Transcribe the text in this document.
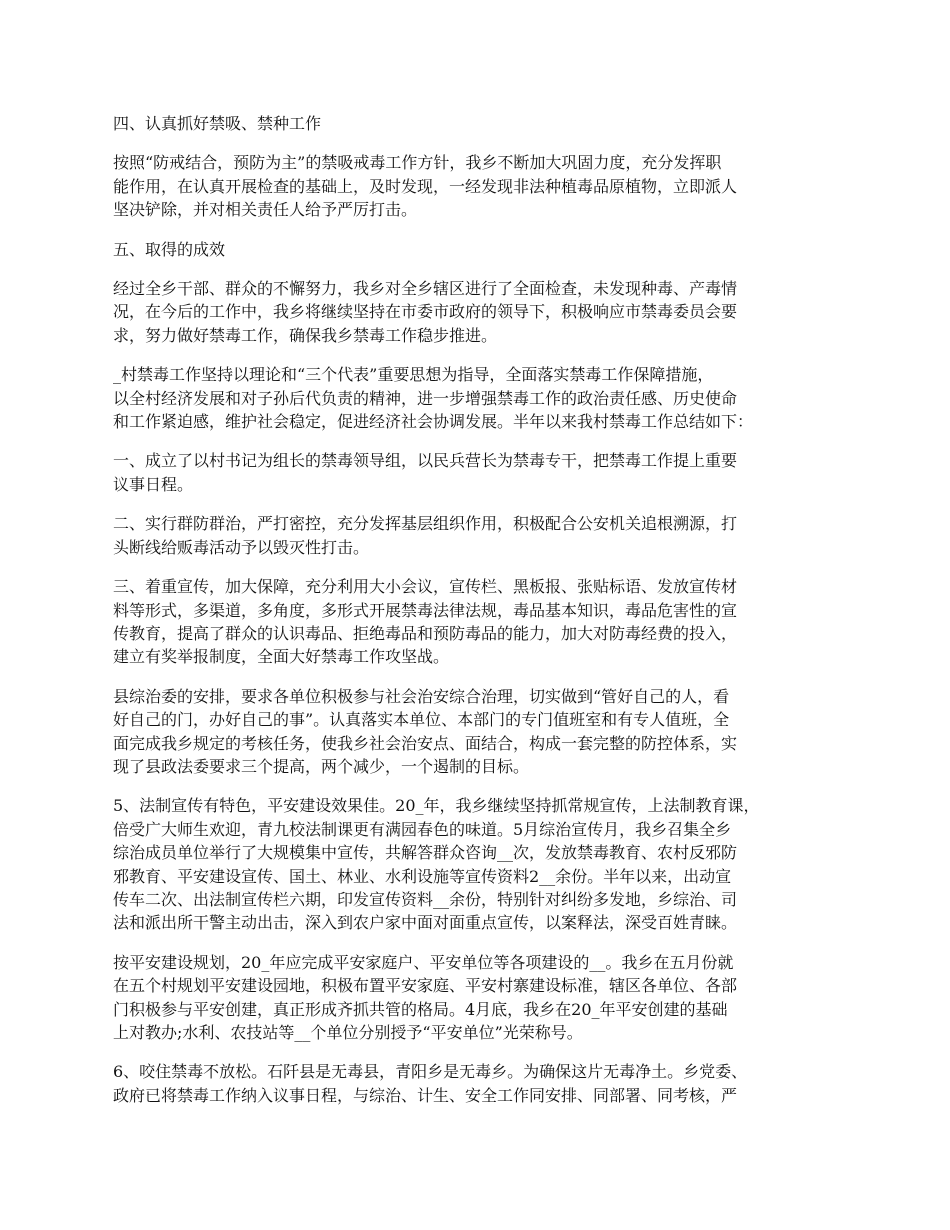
四、认真抓好禁吸、禁种工作

按照“防戒结合，预防为主”的禁吸戒毒工作方针，我乡不断加大巩固力度，充分发挥职
能作用，在认真开展检查的基础上，及时发现，一经发现非法种植毒品原植物，立即派人
坚决铲除，并对相关责任人给予严厉打击。

五、取得的成效

经过全乡干部、群众的不懈努力，我乡对全乡辖区进行了全面检查，未发现种毒、产毒情
况，在今后的工作中，我乡将继续坚持在市委市政府的领导下，积极响应市禁毒委员会要
求，努力做好禁毒工作，确保我乡禁毒工作稳步推进。

_村禁毒工作坚持以理论和“三个代表”重要思想为指导，全面落实禁毒工作保障措施，
以全村经济发展和对子孙后代负责的精神，进一步增强禁毒工作的政治责任感、历史使命
和工作紧迫感，维护社会稳定，促进经济社会协调发展。半年以来我村禁毒工作总结如下：

一、成立了以村书记为组长的禁毒领导组，以民兵营长为禁毒专干，把禁毒工作提上重要
议事日程。

二、实行群防群治，严打密控，充分发挥基层组织作用，积极配合公安机关追根溯源，打
头断线给贩毒活动予以毁灭性打击。

三、着重宣传，加大保障，充分利用大小会议，宣传栏、黑板报、张贴标语、发放宣传材
料等形式，多渠道，多角度，多形式开展禁毒法律法规，毒品基本知识，毒品危害性的宣
传教育，提高了群众的认识毒品、拒绝毒品和预防毒品的能力，加大对防毒经费的投入，
建立有奖举报制度，全面大好禁毒工作攻坚战。

县综治委的安排，要求各单位积极参与社会治安综合治理，切实做到“管好自己的人，看
好自己的门，办好自己的事”。认真落实本单位、本部门的专门值班室和有专人值班，全
面完成我乡规定的考核任务，使我乡社会治安点、面结合，构成一套完整的防控体系，实
现了县政法委要求三个提高，两个减少，一个遏制的目标。

5、法制宣传有特色，平安建设效果佳。20_年，我乡继续坚持抓常规宣传，上法制教育课，
倍受广大师生欢迎，青九校法制课更有满园春色的味道。5月综治宣传月，我乡召集全乡
综治成员单位举行了大规模集中宣传，共解答群众咨询__次，发放禁毒教育、农村反邪防
邪教育、平安建设宣传、国土、林业、水利设施等宣传资料2__余份。半年以来，出动宣
传车二次、出法制宣传栏六期，印发宣传资料__余份，特别针对纠纷多发地，乡综治、司
法和派出所干警主动出击，深入到农户家中面对面重点宣传，以案释法，深受百姓青睐。

按平安建设规划，20_年应完成平安家庭户、平安单位等各项建设的__。我乡在五月份就
在五个村规划平安建设园地，积极布置平安家庭、平安村寨建设标准，辖区各单位、各部
门积极参与平安创建，真正形成齐抓共管的格局。4月底，我乡在20_年平安创建的基础
上对教办;水利、农技站等__个单位分别授予“平安单位”光荣称号。

6、咬住禁毒不放松。石阡县是无毒县，青阳乡是无毒乡。为确保这片无毒净土。乡党委、
政府已将禁毒工作纳入议事日程，与综治、计生、安全工作同安排、同部署、同考核，严
